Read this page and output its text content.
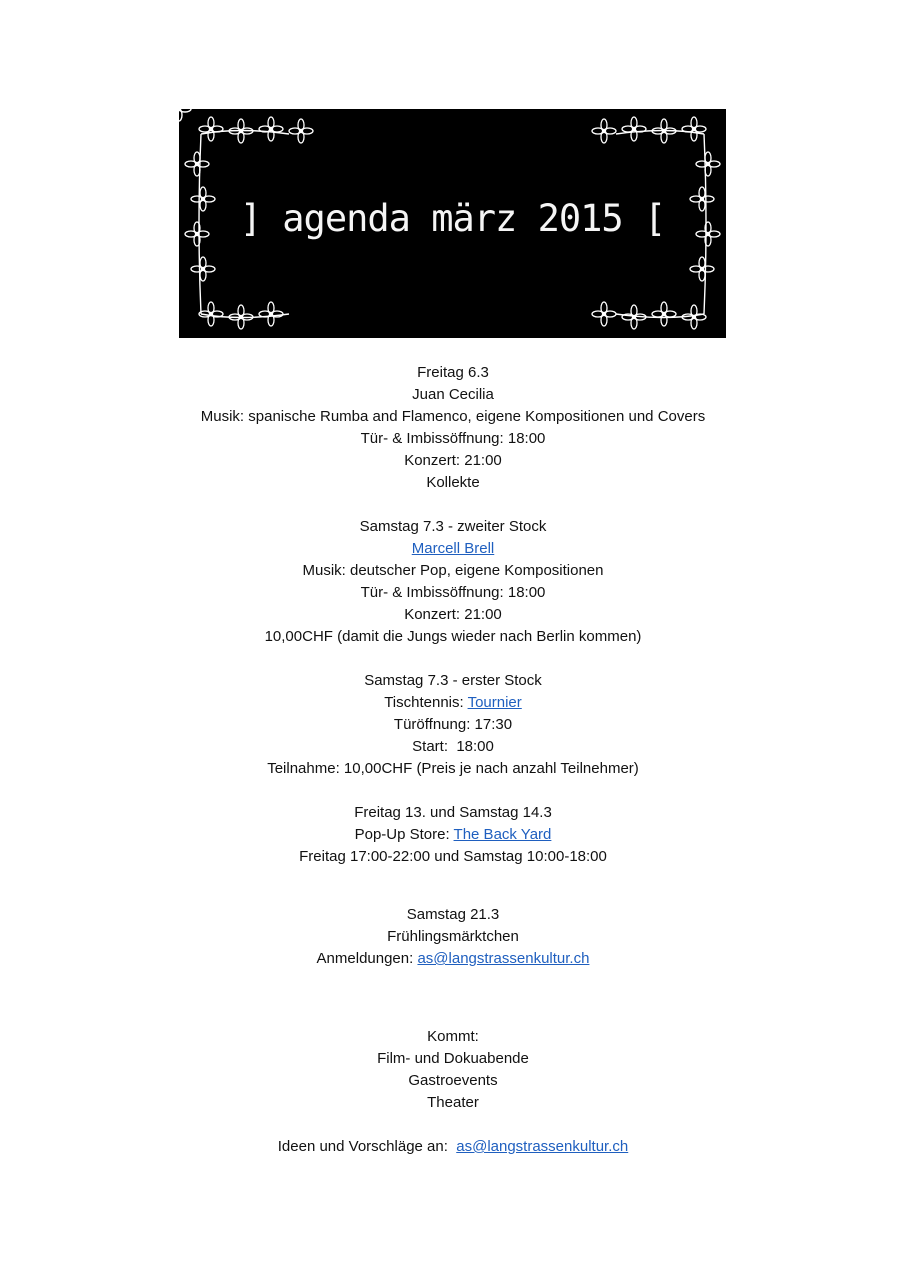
] agenda märz 2015 [
Freitag 6.3
Juan Cecilia
Musik: spanische Rumba and Flamenco, eigene Kompositionen und Covers
Tür- & Imbissöffnung: 18:00
Konzert: 21:00
Kollekte
Samstag 7.3 - zweiter Stock
Marcell Brell
Musik: deutscher Pop, eigene Kompositionen
Tür- & Imbissöffnung: 18:00
Konzert: 21:00
10,00CHF (damit die Jungs wieder nach Berlin kommen)
Samstag 7.3 - erster Stock
Tischtennis: Tournier
Türöffnung: 17:30
Start:  18:00
Teilnahme: 10,00CHF (Preis je nach anzahl Teilnehmer)
Freitag 13. und Samstag 14.3
Pop-Up Store: The Back Yard
Freitag 17:00-22:00 und Samstag 10:00-18:00
Samstag 21.3
Frühlingsmärktchen
Anmeldungen: as@langstrassenkultur.ch
Kommt:
Film- und Dokuabende
Gastroevents
Theater
Ideen und Vorschläge an:  as@langstrassenkultur.ch
